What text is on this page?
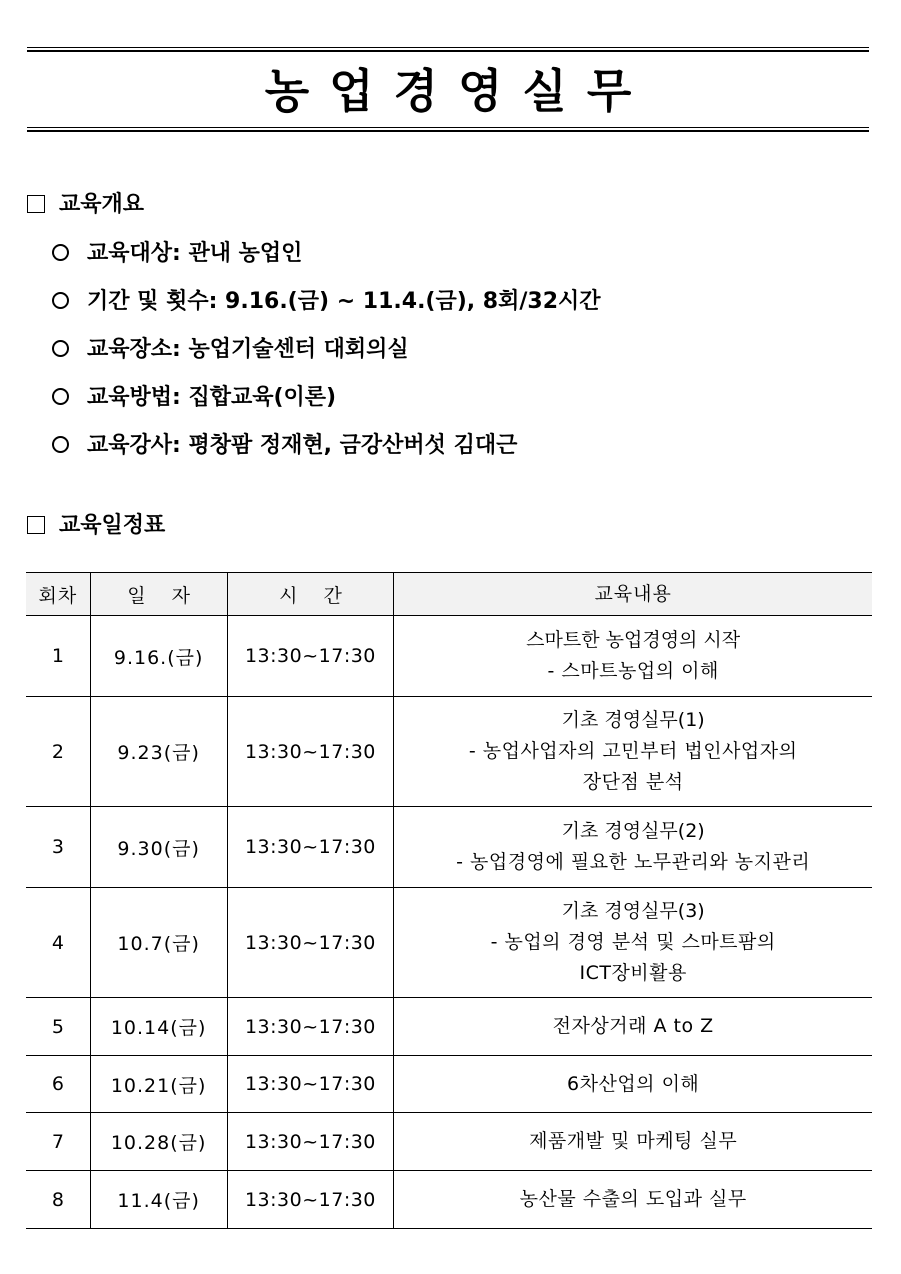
농업경영실무
교육개요
교육대상: 관내 농업인
기간 및 횟수: 9.16.(금) ~ 11.4.(금), 8회/32시간
교육장소: 농업기술센터 대회의실
교육방법: 집합교육(이론)
교육강사: 평창팜 정재현, 금강산버섯 김대근
교육일정표
회차	일 자	시 간	교육내용
1	9.16.(금)	13:30~17:30	스마트한 농업경영의 시작
- 스마트농업의 이해

2	9.23(금)	13:30~17:30	기초 경영실무(1)
- 농업사업자의 고민부터 법인사업자의
장단점 분석

3	9.30(금)	13:30~17:30	기초 경영실무(2)
- 농업경영에 필요한 노무관리와 농지관리

4	10.7(금)	13:30~17:30	기초 경영실무(3)
- 농업의 경영 분석 및 스마트팜의
ICT장비활용

5	10.14(금)	13:30~17:30	전자상거래 A to Z

6	10.21(금)	13:30~17:30	6차산업의 이해

7	10.28(금)	13:30~17:30	제품개발 및 마케팅 실무

8	11.4(금)	13:30~17:30	농산물 수출의 도입과 실무
